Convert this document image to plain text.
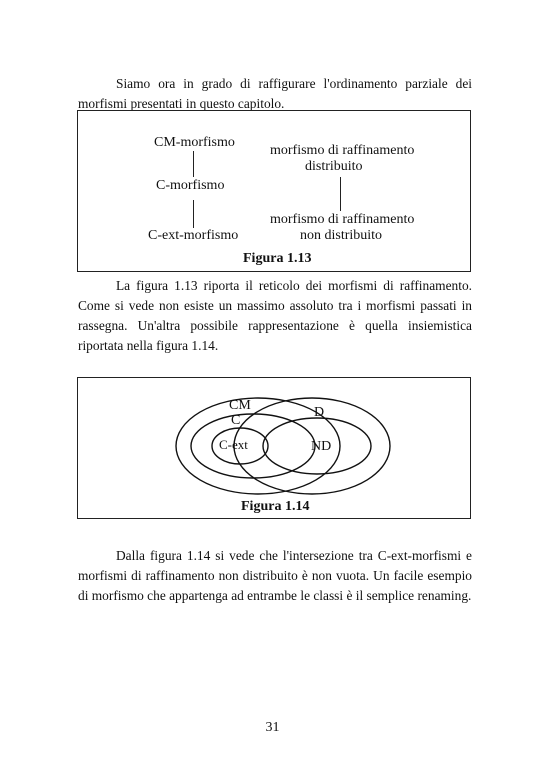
Siamo ora in grado di raffigurare l'ordinamento parziale dei

morfismi presentati in questo capitolo.

CM-morfismo
C-morfismo
C-ext-morfismo
morfismo di raffinamento
distribuito
morfismo di raffinamento
non distribuito
Figura 1.13

La figura 1.13 riporta il reticolo dei morfismi di raffinamento. Come si vede non esiste un massimo assoluto tra i morfismi passati in rassegna. Un'altra possibile rappresentazione è quella insiemistica riportata nella figura 1.14.

CM
C
C-ext
D
ND
Figura 1.14

Dalla figura 1.14 si vede che l'intersezione tra C-ext-morfismi e morfismi di raffinamento non distribuito è non vuota. Un facile esempio di morfismo che appartenga ad entrambe le classi è il semplice renaming.

31
